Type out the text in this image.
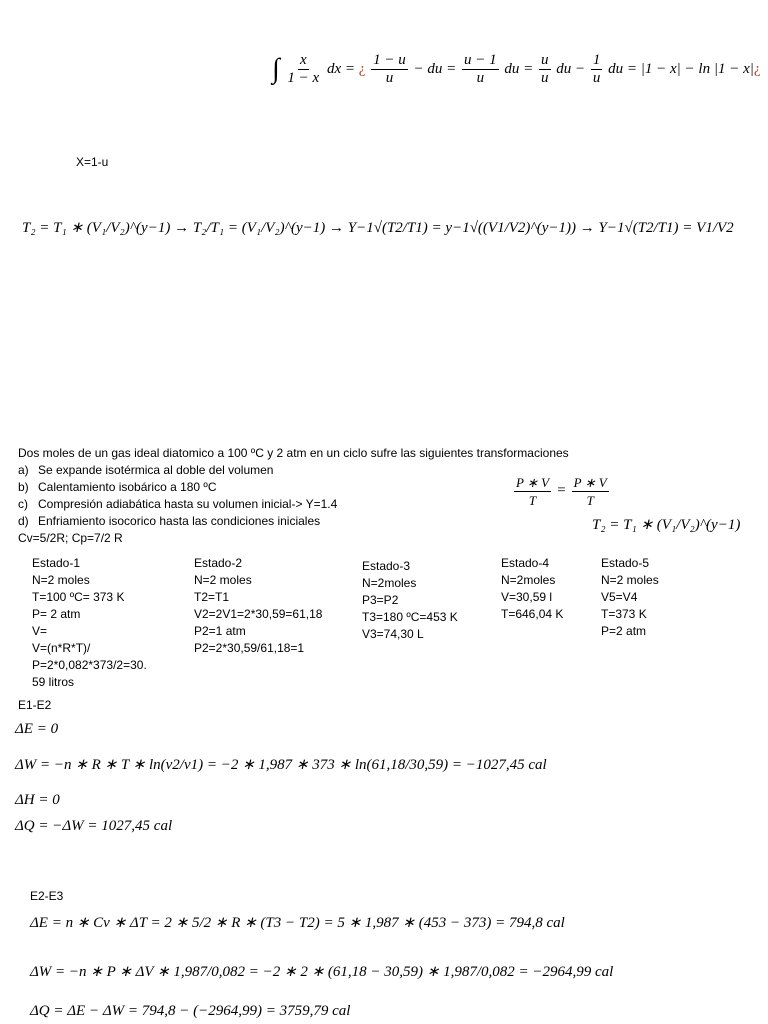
∫ $\frac{x}{1 - x}$ dx = ¿ $\frac{1 - u}{u}$ − du = $\frac{u - 1}{u}$ du = $\frac{u}{u}$ du − $\frac{1}{u}$ du = |1 − x| − ln |1 − x|¿
X=1-u
T₂ = T₁ ∗ (V₁/V₂)^(y−1) → T₂/T₁ = (V₁/V₂)^(y−1) → Y−1√(T2/T1) = y−1√((V1/V2)^(y−1)) → Y−1√(T2/T1) = V1/V2
Dos moles de un gas ideal diatomico a 100 ºC y 2 atm en un ciclo sufre las siguientes transformaciones
a) Se expande isotérmica al doble del volumen
b) Calentamiento isobárico a 180 ºC
c) Compresión adiabática hasta su volumen inicial-> Y=1.4
d) Enfriamiento isocorico hasta las condiciones iniciales
Cv=5/2R; Cp=7/2 R
$\frac{P ∗ V}{T} = \frac{P ∗ V}{T}$
T₂ = T₁ ∗ (V₁/V₂)^(y−1)
Estado-1
N=2 moles
T=100 ºC= 373 K
P= 2 atm
V=
V=(n*R*T)/
P=2*0,082*373/2=30.
59 litros
Estado-2
N=2 moles
T2=T1
V2=2V1=2*30,59=61,18
P2=1 atm
P2=2*30,59/61,18=1
Estado-3
N=2moles
P3=P2
T3=180 ºC=453 K
V3=74,30 L
Estado-4
N=2moles
V=30,59 l
T=646,04 K
Estado-5
N=2 moles
V5=V4
T=373 K
P=2 atm
E1-E2
ΔE = 0
ΔW = −n ∗ R ∗ T ∗ ln(v2/v1) = −2 ∗ 1,987 ∗ 373 ∗ ln(61,18/30,59) = −1027,45 cal
ΔH = 0
ΔQ = −ΔW = 1027,45 cal
E2-E3
ΔE = n ∗ Cv ∗ ΔT = 2 ∗ 5/2 ∗ R ∗ (T3 − T2) = 5 ∗ 1,987 ∗ (453 − 373) = 794,8 cal
ΔW = −n ∗ P ∗ ΔV ∗ 1,987/0,082 = −2 ∗ 2 ∗ (61,18 − 30,59) ∗ 1,987/0,082 = −2964,99 cal
ΔQ = ΔE − ΔW = 794,8 − (−2964,99) = 3759,79 cal
